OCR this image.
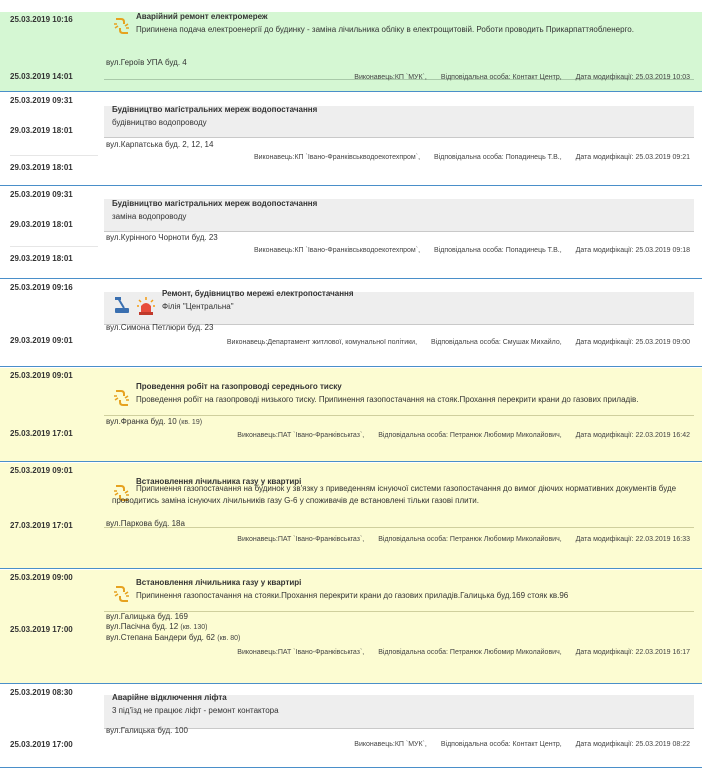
25.03.2019 10:16
25.03.2019 14:01
Аварійний ремонт електромереж
Припинена подача електроенергії до будинку - заміна лічильника обліку в електрощитовій. Роботи проводить Прикарпаттяобленерго.
вул.Героїв УПА буд. 4
Виконавець:КП `МУК`, Відповідальна особа: Контакт Центр, Дата модифікації: 25.03.2019 10:03
25.03.2019 09:31
29.03.2019 18:01
29.03.2019 18:01
Будівництво магістральних мереж водопостачання
будівництво водопроводу
вул.Карпатська буд. 2, 12, 14
Виконавець:КП `Івано-Франківськводоекотехпром`, Відповідальна особа: Попадинець Т.В., Дата модифікації: 25.03.2019 09:21
25.03.2019 09:31
29.03.2019 18:01
29.03.2019 18:01
Будівництво магістральних мереж водопостачання
заміна водопроводу
вул.Курінного Чорноти буд. 23
Виконавець:КП `Івано-Франківськводоекотехпром`, Відповідальна особа: Попадинець Т.В., Дата модифікації: 25.03.2019 09:18
25.03.2019 09:16
29.03.2019 09:01
Ремонт, будівництво мережі електропостачання
Філія "Центральна"
вул.Симона Петлюри буд. 23
Виконавець:Департамент житлової, комунальної політики, Відповідальна особа: Смушак Михайло, Дата модифікації: 25.03.2019 09:00
25.03.2019 09:01
25.03.2019 17:01
Проведення робіт на газопроводі середнього тиску
Проведення робіт на газопроводі низького тиску. Припинення газопостачання на стояк.Прохання перекрити крани до газових приладів.
вул.Франка буд. 10 (кв. 19)
Виконавець:ПАТ `Івано-Франківськгаз`, Відповідальна особа: Петранюк Любомир Миколайович, Дата модифікації: 22.03.2019 16:42
25.03.2019 09:01
27.03.2019 17:01
Встановлення лічильника газу у квартирі
Припинення газопостачання на будинок у зв'язку з приведенням існуючої системи газопостачання до вимог діючих нормативних документів буде проводитись заміна існуючих лічильників газу G-6 у споживачів де встановлені тільки газові плити.
вул.Паркова буд. 18а
Виконавець:ПАТ `Івано-Франківськгаз`, Відповідальна особа: Петранюк Любомир Миколайович, Дата модифікації: 22.03.2019 16:33
25.03.2019 09:00
25.03.2019 17:00
Встановлення лічильника газу у квартирі
Припинення газопостачання на стояки.Прохання перекрити крани до газових приладів.Галицька буд.169 стояк кв.96
вул.Галицька буд. 169
вул.Пасічна буд. 12 (кв. 130)
вул.Степана Бандери буд. 62 (кв. 80)
Виконавець:ПАТ `Івано-Франківськгаз`, Відповідальна особа: Петранюк Любомир Миколайович, Дата модифікації: 22.03.2019 16:17
25.03.2019 08:30
25.03.2019 17:00
Аварійне відключення ліфта
3 під'їзд не працює ліфт - ремонт контактора
вул.Галицька буд. 100
Виконавець:КП `МУК`, Відповідальна особа: Контакт Центр, Дата модифікації: 25.03.2019 08:22
